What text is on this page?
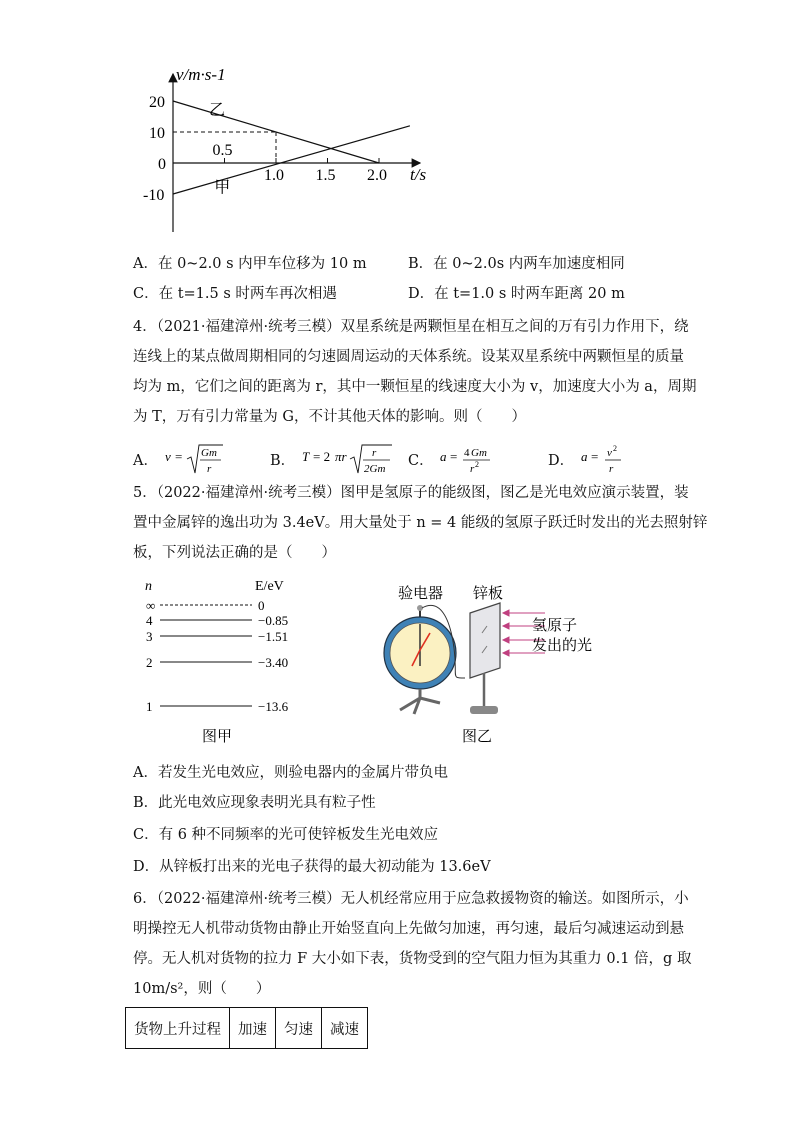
v/m·s-1
t/s
0.5
1.0 1.5 2.0
20
10
0
-10
乙
甲
A．在 0~2.0 s 内甲车位移为 10 m	B．在 0~2.0s 内两车加速度相同
C．在 t=1.5 s 时两车再次相遇	D．在 t=1.0 s 时两车距离 20 m
4．（2021·福建漳州·统考三模）双星系统是两颗恒星在相互之间的万有引力作用下，绕
连线上的某点做周期相同的匀速圆周运动的天体系统。设某双星系统中两颗恒星的质量
均为 m，它们之间的距离为 r，其中一颗恒星的线速度大小为 v，加速度大小为 a，周期
为 T，万有引力常量为 G，不计其他天体的影响。则（　　）
A． v = Gm
r	B． T = 2 πr r
2Gm C． a = 4 Gm
r 2	D． a = v 2
r
5．（2022·福建漳州·统考三模）图甲是氢原子的能级图，图乙是光电效应演示装置，装
置中金属锌的逸出功为 3.4eV。用大量处于 n = 4 能级的氢原子跃迁时发出的光去照射锌
板，下列说法正确的是（　　）
n	E/eV
∞	0
4	−0.85
3	−1.51
2	−3.40
1	−13.6
图甲
验电器 锌板
氢原子
发出的光
图乙
A．若发生光电效应，则验电器内的金属片带负电
B．此光电效应现象表明光具有粒子性
C．有 6 种不同频率的光可使锌板发生光电效应
D．从锌板打出来的光电子获得的最大初动能为 13.6eV
6．（2022·福建漳州·统考三模）无人机经常应用于应急救援物资的输送。如图所示，小
明操控无人机带动货物由静止开始竖直向上先做匀加速，再匀速，最后匀减速运动到悬
停。无人机对货物的拉力 F 大小如下表，货物受到的空气阻力恒为其重力 0.1 倍，g 取
10m/s²，则（　　）
货物上升过程	加速	匀速	减速
